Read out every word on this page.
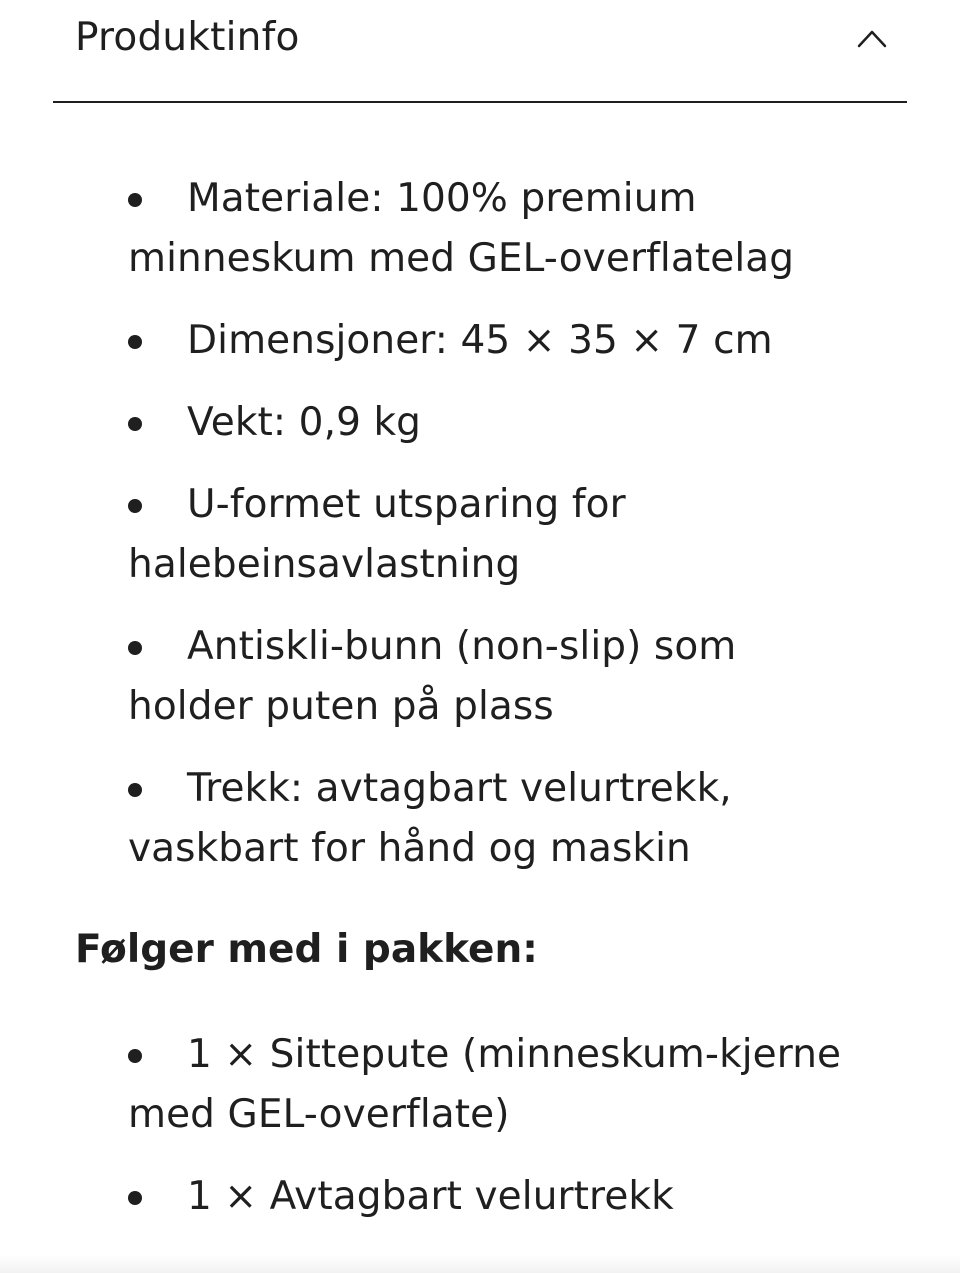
Produktinfo
Materiale: 100% premium minneskum med GEL-overflatelag
Dimensjoner: 45 × 35 × 7 cm
Vekt: 0,9 kg
U-formet utsparing for halebeinsavlastning
Antiskli-bunn (non-slip) som holder puten på plass
Trekk: avtagbart velurtrekk, vaskbart for hånd og maskin
Følger med i pakken:
1 × Sittepute (minneskum-kjerne med GEL-overflate)
1 × Avtagbart velurtrekk
